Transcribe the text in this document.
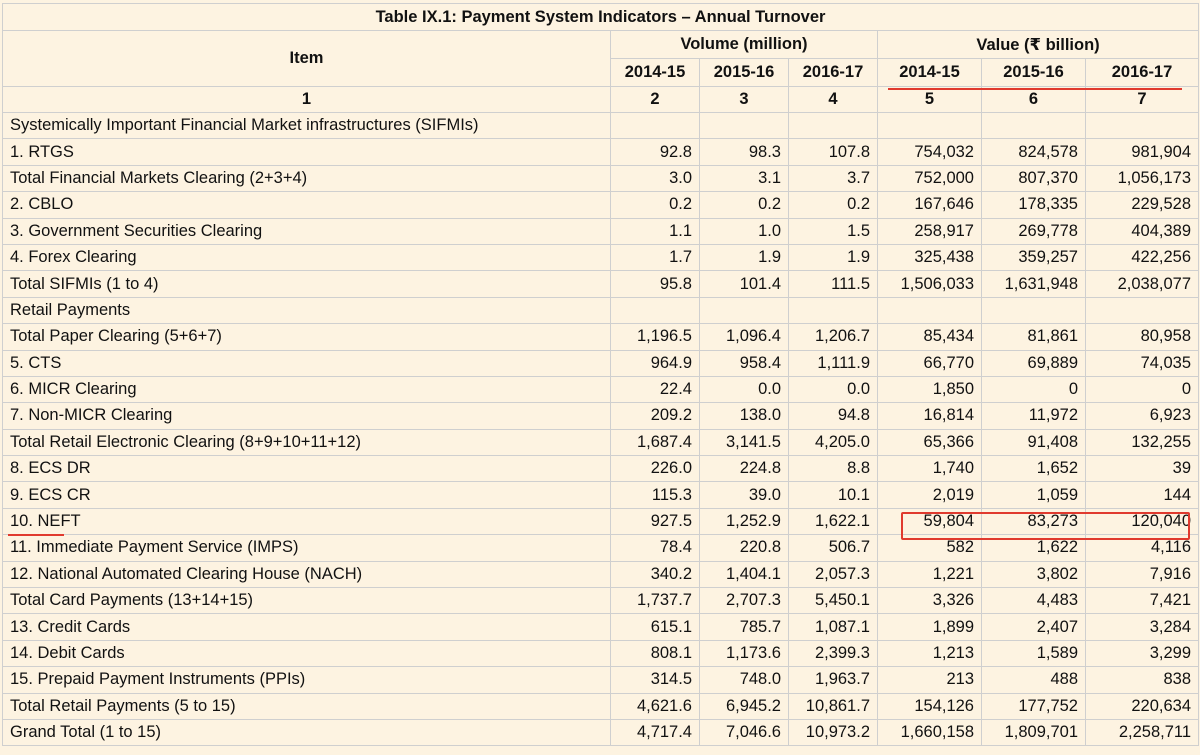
Table IX.1: Payment System Indicators – Annual Turnover						
Item	Volume (million)			Value (₹ billion)		
	2014-15	2015-16	2016-17	2014-15	2015-16	2016-17
1	2	3	4	5	6	7
Systemically Important Financial Market infrastructures (SIFMIs)						
1. RTGS	92.8	98.3	107.8	754,032	824,578	981,904
Total Financial Markets Clearing (2+3+4)	3.0	3.1	3.7	752,000	807,370	1,056,173
2. CBLO	0.2	0.2	0.2	167,646	178,335	229,528
3. Government Securities Clearing	1.1	1.0	1.5	258,917	269,778	404,389
4. Forex Clearing	1.7	1.9	1.9	325,438	359,257	422,256
Total SIFMIs (1 to 4)	95.8	101.4	111.5	1,506,033	1,631,948	2,038,077
Retail Payments						
Total Paper Clearing (5+6+7)	1,196.5	1,096.4	1,206.7	85,434	81,861	80,958
5. CTS	964.9	958.4	1,111.9	66,770	69,889	74,035
6. MICR Clearing	22.4	0.0	0.0	1,850	0	0
7. Non-MICR Clearing	209.2	138.0	94.8	16,814	11,972	6,923
Total Retail Electronic Clearing (8+9+10+11+12)	1,687.4	3,141.5	4,205.0	65,366	91,408	132,255
8. ECS DR	226.0	224.8	8.8	1,740	1,652	39
9. ECS CR	115.3	39.0	10.1	2,019	1,059	144
10. NEFT	927.5	1,252.9	1,622.1	59,804	83,273	120,040
11. Immediate Payment Service (IMPS)	78.4	220.8	506.7	582	1,622	4,116
12. National Automated Clearing House (NACH)	340.2	1,404.1	2,057.3	1,221	3,802	7,916
Total Card Payments (13+14+15)	1,737.7	2,707.3	5,450.1	3,326	4,483	7,421
13. Credit Cards	615.1	785.7	1,087.1	1,899	2,407	3,284
14. Debit Cards	808.1	1,173.6	2,399.3	1,213	1,589	3,299
15. Prepaid Payment Instruments (PPIs)	314.5	748.0	1,963.7	213	488	838
Total Retail Payments (5 to 15)	4,621.6	6,945.2	10,861.7	154,126	177,752	220,634
Grand Total (1 to 15)	4,717.4	7,046.6	10,973.2	1,660,158	1,809,701	2,258,711
